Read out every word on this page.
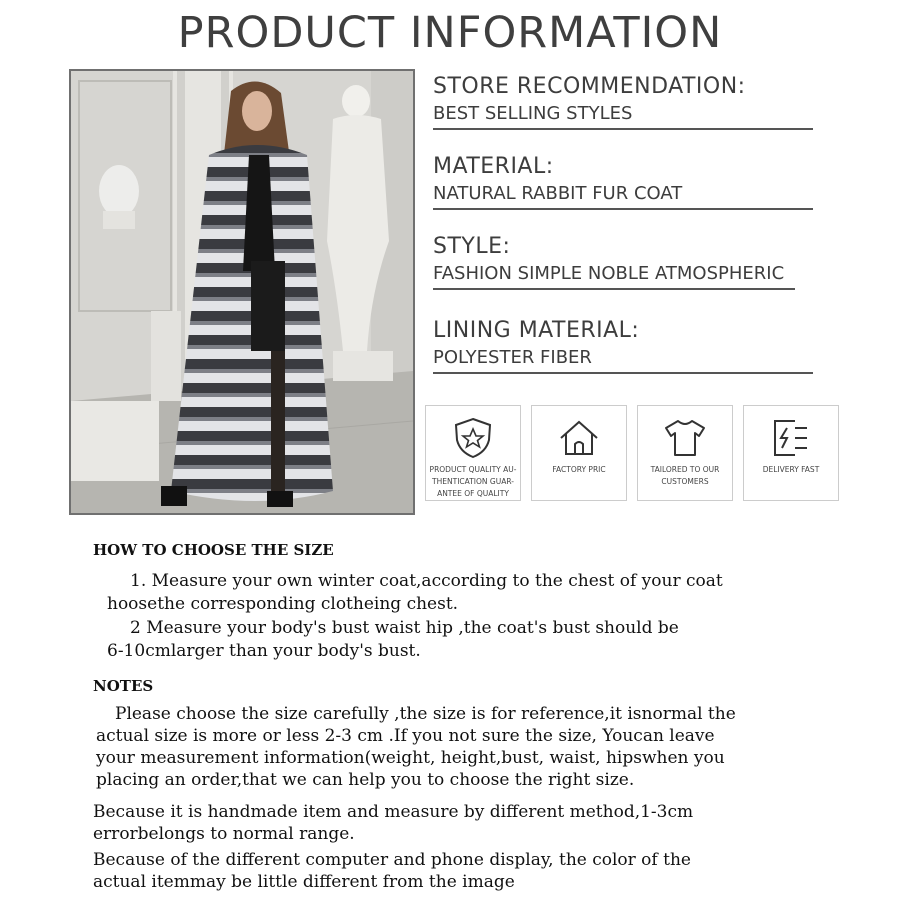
PRODUCT INFORMATION
STORE RECOMMENDATION:
BEST SELLING STYLES
MATERIAL:
NATURAL RABBIT FUR COAT
STYLE:
FASHION SIMPLE NOBLE ATMOSPHERIC
LINING MATERIAL:
POLYESTER FIBER
PRODUCT QUALITY AU-
THENTICATION GUAR-
ANTEE OF QUALITY
FACTORY PRIC	TAILORED TO OUR
CUSTOMERS
DELIVERY FAST
HOW TO CHOOSE THE SIZE
1. Measure your own winter coat,according to the chest of your coat
hoosethe corresponding clotheing chest.
2 Measure your body's bust waist hip ,the coat's bust should be
6-10cmlarger than your body's bust.
NOTES
Please choose the size carefully ,the size is for reference,it isnormal the
actual size is more or less 2-3 cm .If you not sure the size, Youcan leave
your measurement information(weight, height,bust, waist, hipswhen you
placing an order,that we can help you to choose the right size.
Because it is handmade item and measure by different method,1-3cm
errorbelongs to normal range.
Because of the different computer and phone display, the color of the
actual itemmay be little different from the image
